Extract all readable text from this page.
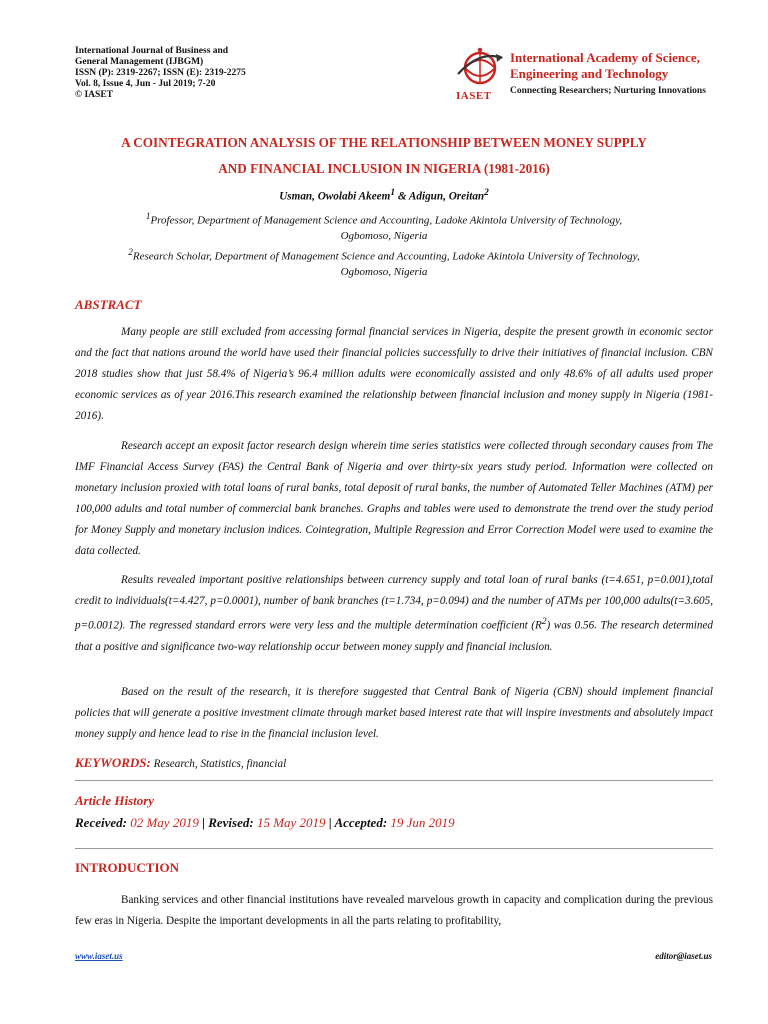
International Journal of Business and
General Management (IJBGM)
ISSN (P): 2319-2267; ISSN (E): 2319-2275
Vol. 8, Issue 4, Jun - Jul 2019; 7-20
© IASET	IASET
International Academy of Science,
Engineering and Technology
Connecting Researchers; Nurturing Innovations
A COINTEGRATION ANALYSIS OF THE RELATIONSHIP BETWEEN MONEY SUPPLY
AND FINANCIAL INCLUSION IN NIGERIA (1981-2016)
Usman, Owolabi Akeem$^1$ & Adigun, Oreitan$^2$
$^1$Professor, Department of Management Science and Accounting, Ladoke Akintola University of Technology,
Ogbomoso, Nigeria
$^2$Research Scholar, Department of Management Science and Accounting, Ladoke Akintola University of Technology,
Ogbomoso, Nigeria
ABSTRACT

Many people are still excluded from accessing formal financial services in Nigeria, despite the present growth in economic sector and the fact that nations around the world have used their financial policies successfully to drive their initiatives of financial inclusion. CBN 2018 studies show that just 58.4% of Nigeria’s 96.4 million adults were economically assisted and only 48.6% of all adults used proper economic services as of year 2016.This research examined the relationship between financial inclusion and money supply in Nigeria (1981-2016).

Research accept an exposit factor research design wherein time series statistics were collected through secondary causes from The IMF Financial Access Survey (FAS) the Central Bank of Nigeria and over thirty-six years study period. Information were collected on monetary inclusion proxied with total loans of rural banks, total deposit of rural banks, the number of Automated Teller Machines (ATM) per 100,000 adults and total number of commercial bank branches. Graphs and tables were used to demonstrate the trend over the study period for Money Supply and monetary inclusion indices. Cointegration, Multiple Regression and Error Correction Model were used to examine the data collected.

Results revealed important positive relationships between currency supply and total loan of rural banks (t=4.651, p=0.001),total credit to individuals(t=4.427, p=0.0001), number of bank branches (t=1.734, p=0.094) and the number of ATMs per 100,000 adults(t=3.605, p=0.0012). The regressed standard errors were very less and the multiple determination coefficient $(R^2)$ was 0.56. The research determined that a positive and significance two-way relationship occur between money supply and financial inclusion.

Based on the result of the research, it is therefore suggested that Central Bank of Nigeria (CBN) should implement financial policies that will generate a positive investment climate through market based interest rate that will inspire investments and absolutely impact money supply and hence lead to rise in the financial inclusion level.

KEYWORDS: Research, Statistics, financial
Article History
Received: 02 May 2019 | Revised: 15 May 2019 | Accepted: 19 Jun 2019
INTRODUCTION

Banking services and other financial institutions have revealed marvelous growth in capacity and complication during the previous few eras in Nigeria. Despite the important developments in all the parts relating to profitability,

www.iaset.us	editor@iaset.us
